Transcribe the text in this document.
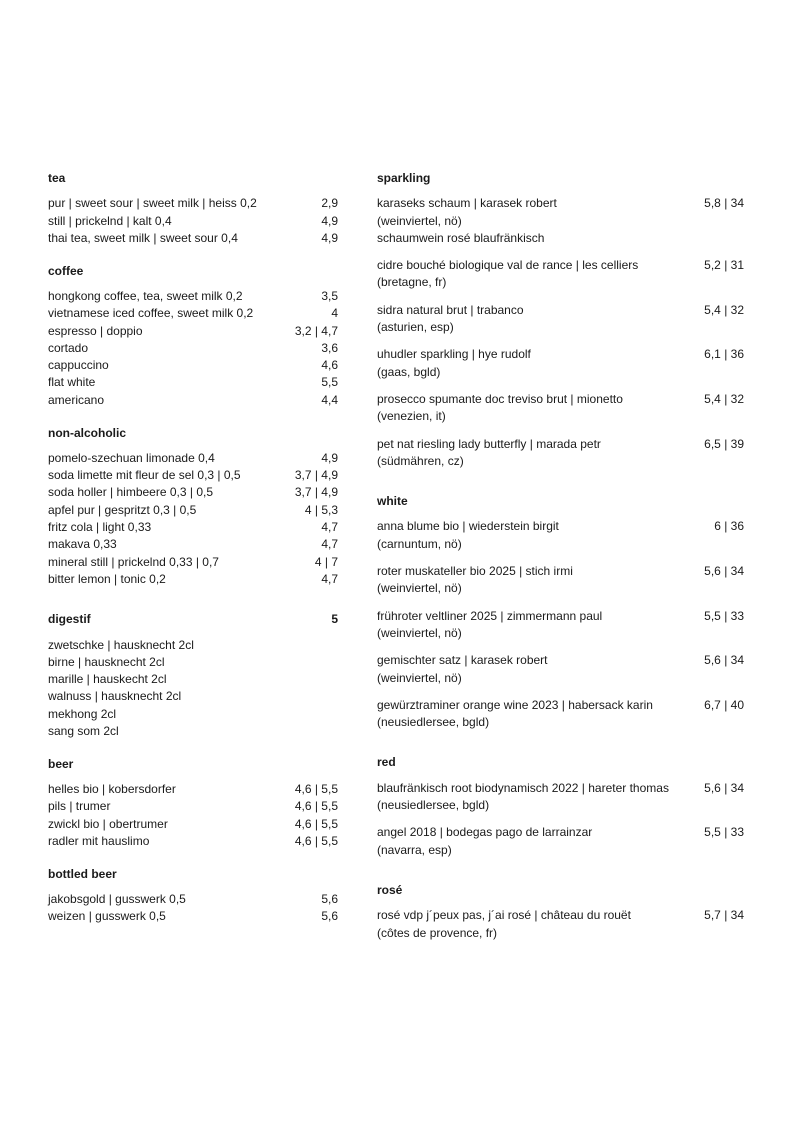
tea
pur | sweet sour | sweet milk | heiss 0,2	2,9
still | prickelnd | kalt 0,4	4,9
thai tea, sweet milk | sweet sour 0,4	4,9
coffee
hongkong coffee, tea, sweet milk 0,2	3,5
vietnamese iced coffee, sweet milk 0,2	4
espresso | doppio	3,2 | 4,7
cortado	3,6
cappuccino	4,6
flat white	5,5
americano	4,4
non-alcoholic
pomelo-szechuan limonade 0,4	4,9
soda limette mit fleur de sel 0,3 | 0,5	3,7 | 4,9
soda holler | himbeere 0,3 | 0,5	3,7 | 4,9
apfel pur | gespritzt 0,3 | 0,5	4 | 5,3
fritz cola | light 0,33	4,7
makava 0,33	4,7
mineral still | prickelnd 0,33 | 0,7	4 | 7
bitter lemon | tonic 0,2	4,7
digestif	5
zwetschke | hausknecht 2cl
birne | hausknecht 2cl
marille | hauskecht 2cl
walnuss | hausknecht 2cl
mekhong 2cl
sang som 2cl
beer
helles bio | kobersdorfer	4,6 | 5,5
pils | trumer	4,6 | 5,5
zwickl bio | obertrumer	4,6 | 5,5
radler mit hauslimo	4,6 | 5,5
bottled beer
jakobsgold | gusswerk 0,5	5,6
weizen | gusswerk 0,5	5,6
sparkling
karaseks schaum | karasek robert	5,8 | 34
(weinviertel, nö)
schaumwein rosé blaufränkisch
cidre bouché biologique val de rance | les celliers	5,2 | 31
(bretagne, fr)
sidra natural brut | trabanco	5,4 | 32
(asturien, esp)
uhudler sparkling | hye rudolf	6,1 | 36
(gaas, bgld)
prosecco spumante doc treviso brut | mionetto	5,4 | 32
(venezien, it)
pet nat riesling lady butterfly | marada petr	6,5 | 39
(südmähren, cz)
white
anna blume bio | wiederstein birgit	6 | 36
(carnuntum, nö)
roter muskateller bio 2025 | stich irmi	5,6 | 34
(weinviertel, nö)
frühroter veltliner 2025 | zimmermann paul	5,5 | 33
(weinviertel, nö)
gemischter satz | karasek robert	5,6 | 34
(weinviertel, nö)
gewürztraminer orange wine 2023 | habersack karin	6,7 | 40
(neusiedlersee, bgld)
red
blaufränkisch root biodynamisch 2022 | hareter thomas	5,6 | 34
(neusiedlersee, bgld)
angel 2018 | bodegas pago de larrainzar	5,5 | 33
(navarra, esp)
rosé
rosé vdp j´peux pas, j´ai rosé | château du rouët	5,7 | 34
(côtes de provence, fr)
